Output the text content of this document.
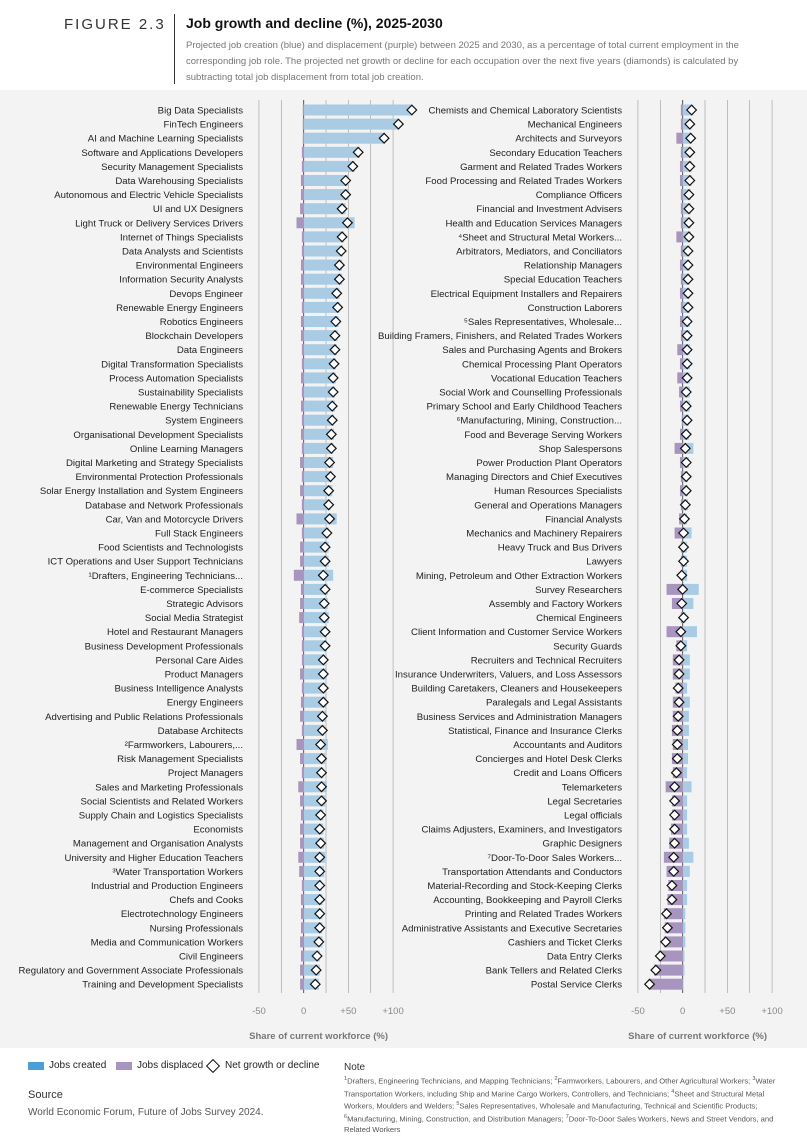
FIGURE 2.3 Job growth and decline (%), 2025-2030
Projected job creation (blue) and displacement (purple) between 2025 and 2030, as a percentage of total current employment in the corresponding job role. The projected net growth or decline for each occupation over the next five years (diamonds) is calculated by subtracting total job displacement from total job creation.
Big Data Specialists
FinTech Engineers
AI and Machine Learning Specialists
Software and Applications Developers
Security Management Specialists
Data Warehousing Specialists
Autonomous and Electric Vehicle Specialists
UI and UX Designers
Light Truck or Delivery Services Drivers
Internet of Things Specialists
Data Analysts and Scientists
Environmental Engineers
Information Security Analysts
Devops Engineer
Renewable Energy Engineers
Robotics Engineers
Blockchain Developers
Data Engineers
Digital Transformation Specialists
Process Automation Specialists
Sustainability Specialists
Renewable Energy Technicians
System Engineers
Organisational Development Specialists
Online Learning Managers
Digital Marketing and Strategy Specialists
Environmental Protection Professionals
Solar Energy Installation and System Engineers
Database and Network Professionals
Car, Van and Motorcycle Drivers
Full Stack Engineers
Food Scientists and Technologists
ICT Operations and User Support Technicians
¹Drafters, Engineering Technicians...
E-commerce Specialists
Strategic Advisors
Social Media Strategist
Hotel and Restaurant Managers
Business Development Professionals
Personal Care Aides
Product Managers
Business Intelligence Analysts
Energy Engineers
Advertising and Public Relations Professionals
Database Architects
²Farmworkers, Labourers,...
Risk Management Specialists
Project Managers
Sales and Marketing Professionals
Social Scientists and Related Workers
Supply Chain and Logistics Specialists
Economists
Management and Organisation Analysts
University and Higher Education Teachers
³Water Transportation Workers
Industrial and Production Engineers
Chefs and Cooks
Electrotechnology Engineers
Nursing Professionals
Media and Communication Workers
Civil Engineers
Regulatory and Government Associate Professionals
Training and Development Specialists
-50	0	+50	+100
Share of current workforce (%)
Chemists and Chemical Laboratory Scientists
Mechanical Engineers
Architects and Surveyors
Secondary Education Teachers
Garment and Related Trades Workers
Food Processing and Related Trades Workers
Compliance Officers
Financial and Investment Advisers
Health and Education Services Managers
⁴Sheet and Structural Metal Workers...
Arbitrators, Mediators, and Conciliators
Relationship Managers
Special Education Teachers
Electrical Equipment Installers and Repairers
Construction Laborers
⁵Sales Representatives, Wholesale...
Building Framers, Finishers, and Related Trades Workers
Sales and Purchasing Agents and Brokers
Chemical Processing Plant Operators
Vocational Education Teachers
Social Work and Counselling Professionals
Primary School and Early Childhood Teachers
⁶Manufacturing, Mining, Construction...
Food and Beverage Serving Workers
Shop Salespersons
Power Production Plant Operators
Managing Directors and Chief Executives
Human Resources Specialists
General and Operations Managers
Financial Analysts
Mechanics and Machinery Repairers
Heavy Truck and Bus Drivers
Lawyers
Mining, Petroleum and Other Extraction Workers
Survey Researchers
Assembly and Factory Workers
Chemical Engineers
Client Information and Customer Service Workers
Security Guards
Recruiters and Technical Recruiters
Insurance Underwriters, Valuers, and Loss Assessors
Building Caretakers, Cleaners and Housekeepers
Paralegals and Legal Assistants
Business Services and Administration Managers
Statistical, Finance and Insurance Clerks
Accountants and Auditors
Concierges and Hotel Desk Clerks
Credit and Loans Officers
Telemarketers
Legal Secretaries
Legal officials
Claims Adjusters, Examiners, and Investigators
Graphic Designers
⁷Door-To-Door Sales Workers...
Transportation Attendants and Conductors
Material-Recording and Stock-Keeping Clerks
Accounting, Bookkeeping and Payroll Clerks
Printing and Related Trades Workers
Administrative Assistants and Executive Secretaries
Cashiers and Ticket Clerks
Data Entry Clerks
Bank Tellers and Related Clerks
Postal Service Clerks
-50	0	+50	+100
Share of current workforce (%)
Jobs created	Jobs displaced Net growth or decline
Source
World Economic Forum, Future of Jobs Survey 2024.
Note
$^1$Drafters, Engineering Technicians, and Mapping Technicians; $^2$Farmworkers, Labourers, and Other Agricultural Workers; $^3$Water Transportation Workers, including Ship and Marine Cargo Workers, Controllers, and Technicians; $^4$Sheet and Structural Metal Workers, Moulders and Welders; $^5$Sales Representatives, Wholesale and Manufacturing, Technical and Scientific Products; $^6$Manufacturing, Mining, Construction, and Distribution Managers; $^7$Door-To-Door Sales Workers, News and Street Vendors, and Related Workers
